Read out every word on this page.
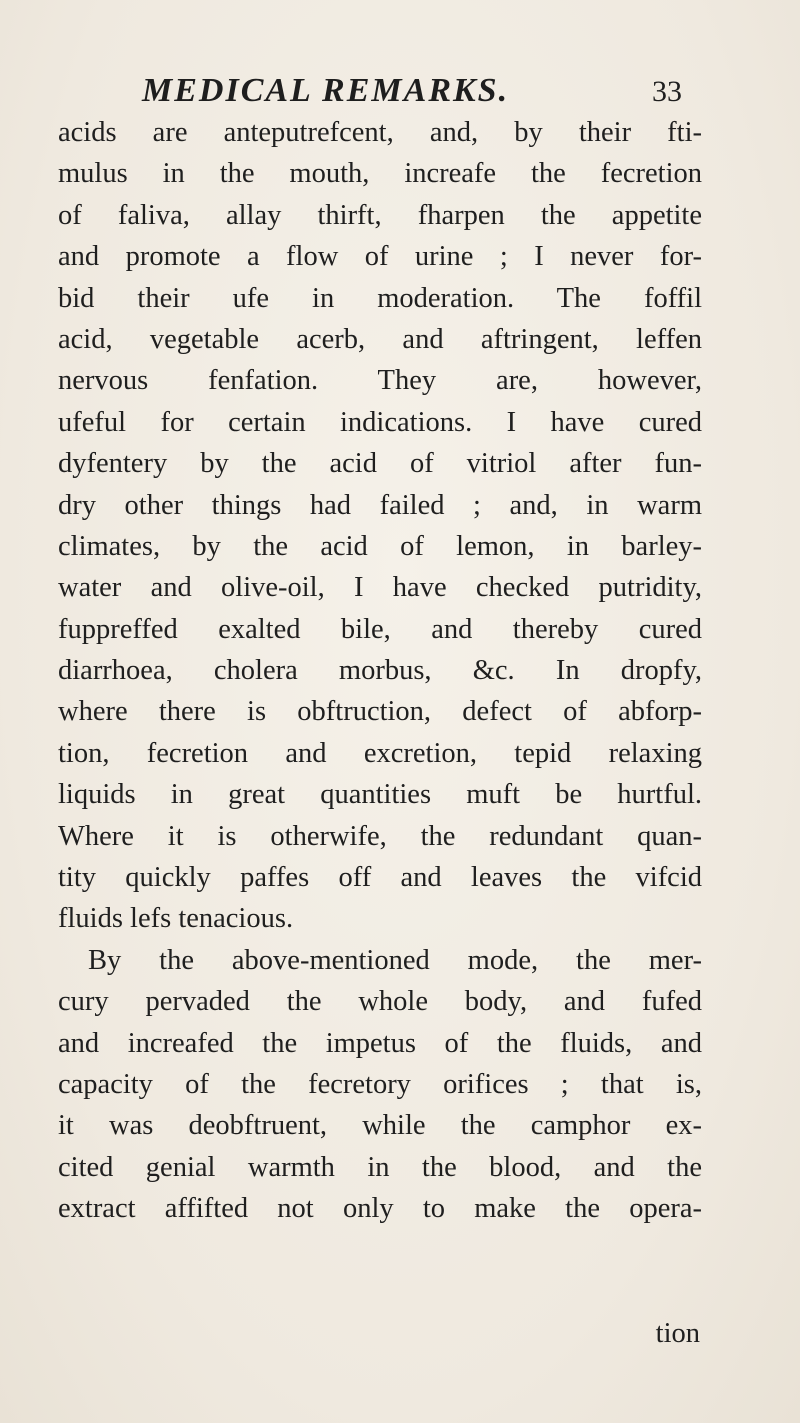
MEDICAL REMARKS.	33
acids are anteputrefcent, and, by their fti-
mulus in the mouth, increafe the fecretion
of faliva, allay thirft, fharpen the appetite
and promote a flow of urine ; I never for-
bid their ufe in moderation. The foffil
acid, vegetable acerb, and aftringent, leffen
nervous fenfation. They are, however,
ufeful for certain indications. I have cured
dyfentery by the acid of vitriol after fun-
dry other things had failed ; and, in warm
climates, by the acid of lemon, in barley-
water and olive-oil, I have checked putridity,
fuppreffed exalted bile, and thereby cured
diarrhoea, cholera morbus, &c. In dropfy,
where there is obftruction, defect of abforp-
tion, fecretion and excretion, tepid relaxing
liquids in great quantities muft be hurtful.
Where it is otherwife, the redundant quan-
tity quickly paffes off and leaves the vifcid
fluids lefs tenacious.
By the above-mentioned mode, the mer-
cury pervaded the whole body, and fufed
and increafed the impetus of the fluids, and
capacity of the fecretory orifices ; that is,
it was deobftruent, while the camphor ex-
cited genial warmth in the blood, and the
extract affifted not only to make the opera-
tion
